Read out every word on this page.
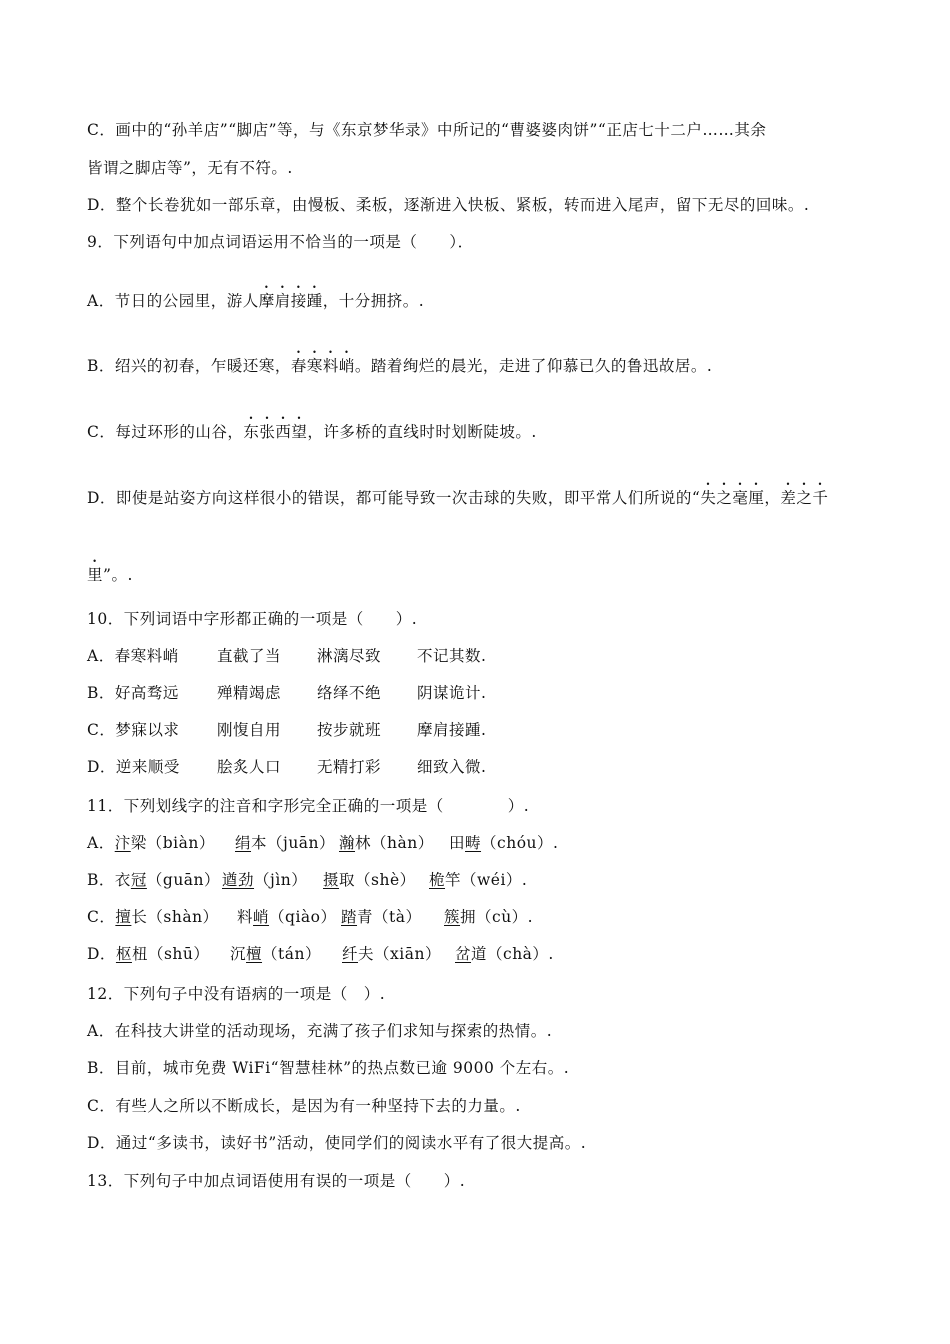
C．画中的“孙羊店”“脚店”等，与《东京梦华录》中所记的“曹婆婆肉饼”“正店七十二户……其余
皆谓之脚店等”，无有不符。.
D．整个长卷犹如一部乐章，由慢板、柔板，逐渐进入快板、紧板，转而进入尾声，留下无尽的回味。.
9．下列语句中加点词语运用不恰当的一项是（　　）．
A．节日的公园里，游人摩肩接踵，十分拥挤。.
B．绍兴的初春，乍暖还寒，春寒料峭。踏着绚烂的晨光，走进了仰慕已久的鲁迅故居。.
C．每过环形的山谷，东张西望，许多桥的直线时时划断陡坡。.
D．即使是站姿方向这样很小的错误，都可能导致一次击球的失败，即平常人们所说的“失之毫厘，差之千
里”。.
10．下列词语中字形都正确的一项是（　　）.
A．春寒料峭 直截了当 淋漓尽致 不记其数.
B．好高骛远 殚精竭虑 络绎不绝 阴谋诡计.
C．梦寐以求 刚愎自用 按步就班 摩肩接踵.
D．逆来顺受 脍炙人口 无精打彩 细致入微.
11．下列划线字的注音和字形完全正确的一项是（　　　　）.
A．汴梁（biàn） 绢本（juān） 瀚林（hàn） 田畴（chóu）.
B．衣冠（guān） 遒劲（jìn） 摄取（shè） 桅竿（wéi）.
C．擅长（shàn） 料峭（qiào） 踏青（tà） 簇拥（cù）.
D．枢杻（shū） 沉檀（tán） 纤夫（xiān） 岔道（chà）.
12．下列句子中没有语病的一项是（　）.
A．在科技大讲堂的活动现场，充满了孩子们求知与探索的热情。.
B．目前，城市免费 WiFi“智慧桂林”的热点数已逾 9000 个左右。.
C．有些人之所以不断成长，是因为有一种坚持下去的力量。.
D．通过“多读书，读好书”活动，使同学们的阅读水平有了很大提高。.
13．下列句子中加点词语使用有误的一项是（　　）.
